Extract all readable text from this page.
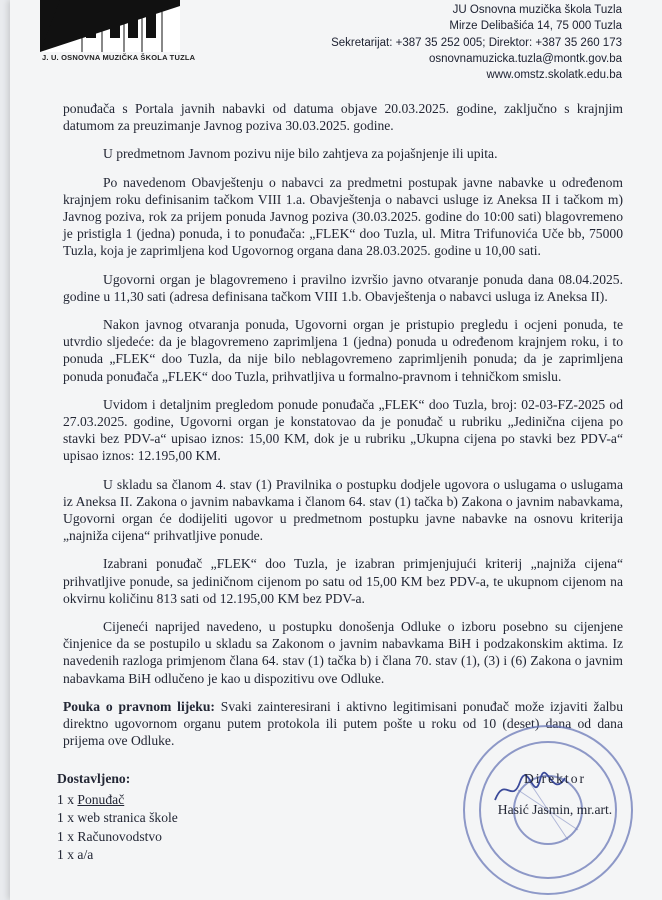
J. U. OSNOVNA MUZIČKA ŠKOLA TUZLA
JU Osnovna muzička škola Tuzla
Mirze Delibašića 14, 75 000 Tuzla
Sekretarijat: +387 35 252 005; Direktor: +387 35 260 173
osnovnamuzicka.tuzla@montk.gov.ba
www.omstz.skolatk.edu.ba

ponuđača s Portala javnih nabavki od datuma objave 20.03.2025. godine, zaključno s krajnjim datumom za preuzimanje Javnog poziva 30.03.2025. godine.

U predmetnom Javnom pozivu nije bilo zahtjeva za pojašnjenje ili upita.

Po navedenom Obavještenju o nabavci za predmetni postupak javne nabavke u određenom krajnjem roku definisanim tačkom VIII 1.a. Obavještenja o nabavci usluge iz Aneksa II i tačkom m) Javnog poziva, rok za prijem ponuda Javnog poziva (30.03.2025. godine do 10:00 sati) blagovremeno je pristigla 1 (jedna) ponuda, i to ponuđača: „FLEK“ doo Tuzla, ul. Mitra Trifunovića Uče bb, 75000 Tuzla, koja je zaprimljena kod Ugovornog organa dana 28.03.2025. godine u 10,00 sati.

Ugovorni organ je blagovremeno i pravilno izvršio javno otvaranje ponuda dana 08.04.2025. godine u 11,30 sati (adresa definisana tačkom VIII 1.b. Obavještenja o nabavci usluga iz Aneksa II).

Nakon javnog otvaranja ponuda, Ugovorni organ je pristupio pregledu i ocjeni ponuda, te utvrdio sljedeće: da je blagovremeno zaprimljena 1 (jedna) ponuda u određenom krajnjem roku, i to ponuda „FLEK“ doo Tuzla, da nije bilo neblagovremeno zaprimljenih ponuda; da je zaprimljena ponuda ponuđača „FLEK“ doo Tuzla, prihvatljiva u formalno-pravnom i tehničkom smislu.

Uvidom i detaljnim pregledom ponude ponuđača „FLEK“ doo Tuzla, broj: 02-03-FZ-2025 od 27.03.2025. godine, Ugovorni organ je konstatovao da je ponuđač u rubriku „Jedinična cijena po stavki bez PDV-a“ upisao iznos: 15,00 KM, dok je u rubriku „Ukupna cijena po stavki bez PDV-a“ upisao iznos: 12.195,00 KM.

U skladu sa članom 4. stav (1) Pravilnika o postupku dodjele ugovora o uslugama o uslugama iz Aneksa II. Zakona o javnim nabavkama i članom 64. stav (1) tačka b) Zakona o javnim nabavkama, Ugovorni organ će dodijeliti ugovor u predmetnom postupku javne nabavke na osnovu kriterija „najniža cijena“ prihvatljive ponude.

Izabrani ponuđač „FLEK“ doo Tuzla, je izabran primjenjujući kriterij „najniža cijena“ prihvatljive ponude, sa jediničnom cijenom po satu od 15,00 KM bez PDV-a, te ukupnom cijenom na okvirnu količinu 813 sati od 12.195,00 KM bez PDV-a.

Cijeneći naprijed navedeno, u postupku donošenja Odluke o izboru posebno su cijenjene činjenice da se postupilo u skladu sa Zakonom o javnim nabavkama BiH i podzakonskim aktima. Iz navedenih razloga primjenom člana 64. stav (1) tačka b) i člana 70. stav (1), (3) i (6) Zakona o javnim nabavkama BiH odlučeno je kao u dispozitivu ove Odluke.

Pouka o pravnom lijeku: Svaki zainteresirani i aktivno legitimisani ponuđač može izjaviti žalbu direktno ugovornom organu putem protokola ili putem pošte u roku od 10 (deset) dana od dana prijema ove Odluke.

Dostavljeno:
1 x Ponuđač
1 x web stranica škole
1 x Računovodstvo
1 x a/a
Direktor
Hasić Jasmin, mr.art.
